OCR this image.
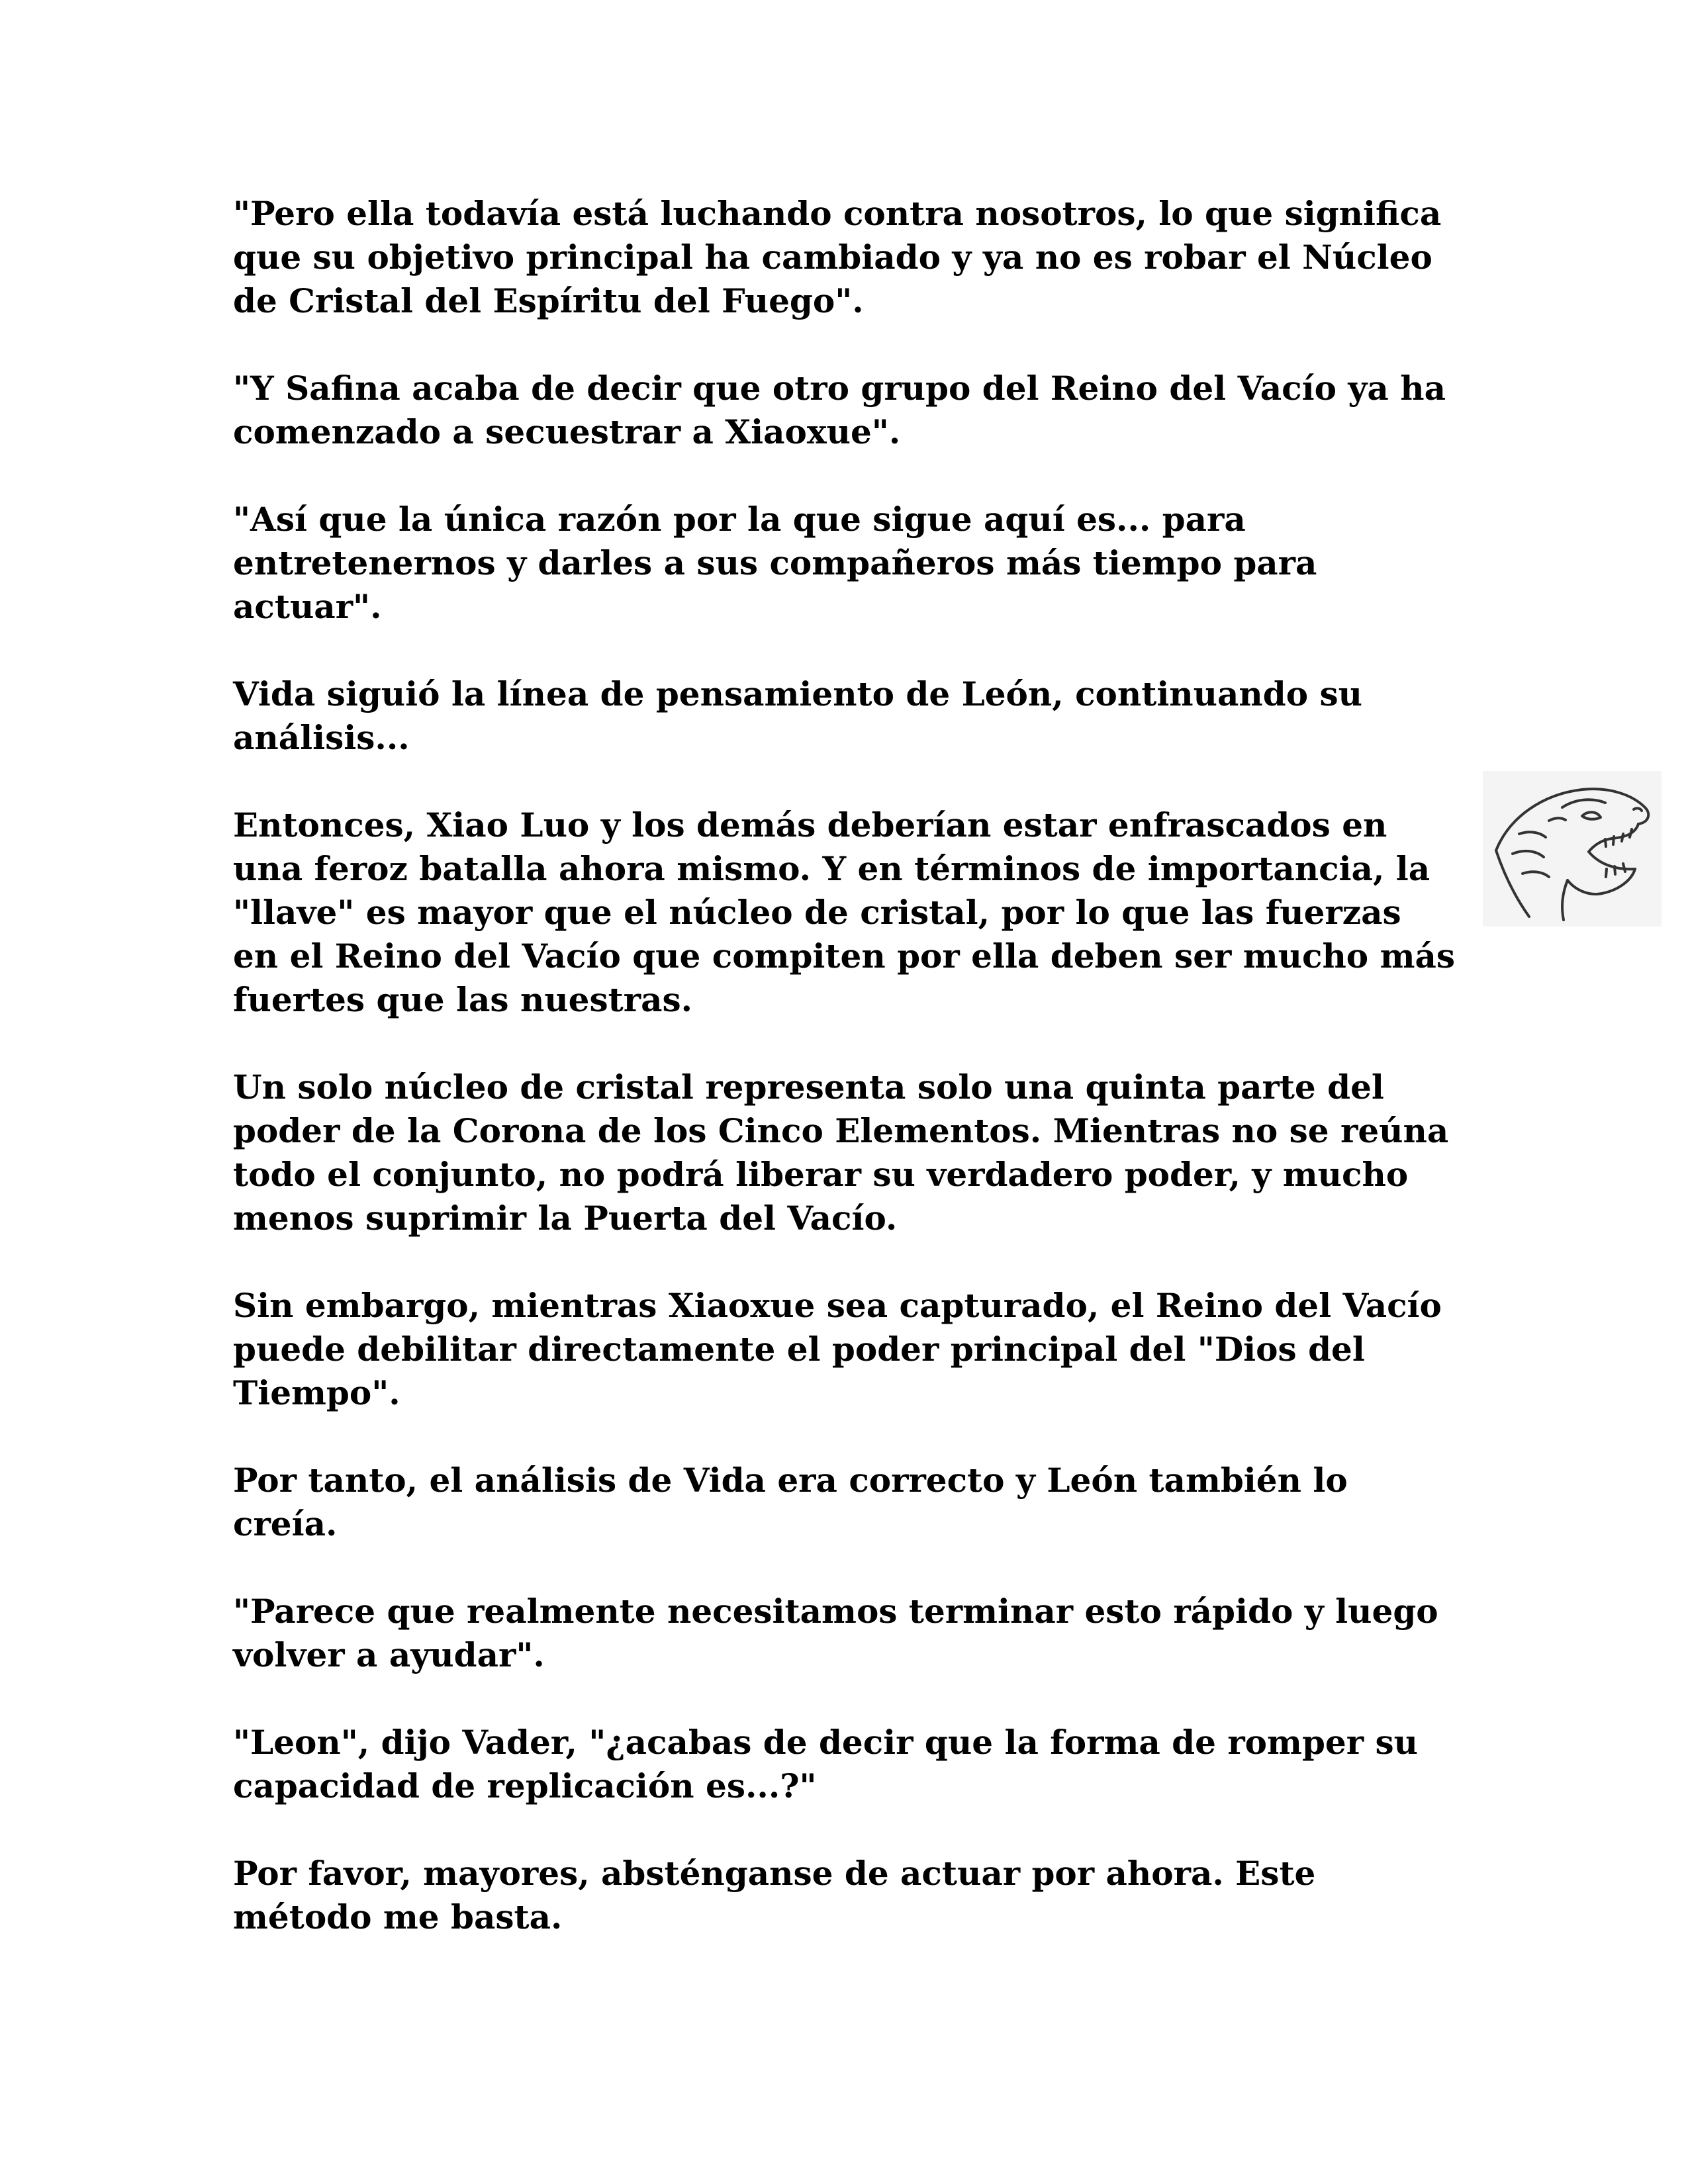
"Pero ella todavía está luchando contra nosotros, lo que significa que su objetivo principal ha cambiado y ya no es robar el Núcleo de Cristal del Espíritu del Fuego".

"Y Safina acaba de decir que otro grupo del Reino del Vacío ya ha comenzado a secuestrar a Xiaoxue".

"Así que la única razón por la que sigue aquí es... para entretenernos y darles a sus compañeros más tiempo para actuar".

Vida siguió la línea de pensamiento de León, continuando su análisis...

Entonces, Xiao Luo y los demás deberían estar enfrascados en una feroz batalla ahora mismo. Y en términos de importancia, la "llave" es mayor que el núcleo de cristal, por lo que las fuerzas en el Reino del Vacío que compiten por ella deben ser mucho más fuertes que las nuestras.

Un solo núcleo de cristal representa solo una quinta parte del poder de la Corona de los Cinco Elementos. Mientras no se reúna todo el conjunto, no podrá liberar su verdadero poder, y mucho menos suprimir la Puerta del Vacío.

Sin embargo, mientras Xiaoxue sea capturado, el Reino del Vacío puede debilitar directamente el poder principal del "Dios del Tiempo".

Por tanto, el análisis de Vida era correcto y León también lo creía.

"Parece que realmente necesitamos terminar esto rápido y luego volver a ayudar".

"Leon", dijo Vader, "¿acabas de decir que la forma de romper su capacidad de replicación es...?"

Por favor, mayores, absténganse de actuar por ahora. Este método me basta.
